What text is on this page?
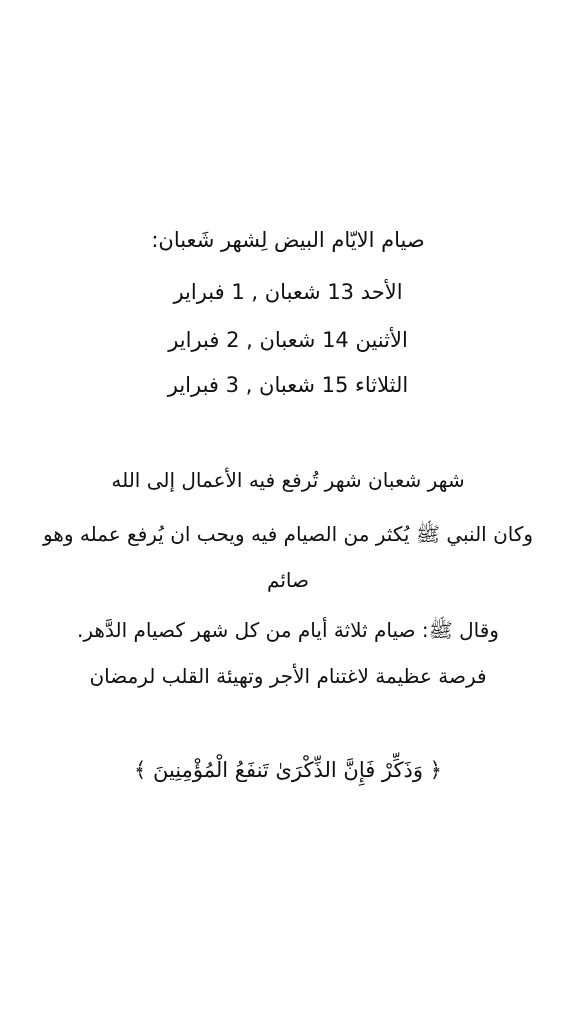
صيام الايّام البيض لِشهر شَعبان:
الأحد 13 شعبان , 1 فبراير
الأثنين 14 شعبان , 2 فبراير
الثلاثاء 15 شعبان , 3 فبراير
شهر شعبان شهر تُرفع فيه الأعمال إلى الله
وكان النبي ﷺ يُكثر من الصيام فيه ويحب ان يُرفع عمله وهو
صائم
وقال ﷺ: صيام ثلاثة أيام من كل شهر كصيام الدَّهر.
فرصة عظيمة لاغتنام الأجر وتهيئة القلب لرمضان
﴿ وَذَكِّرْ فَإِنَّ الذِّكْرَىٰ تَنفَعُ الْمُؤْمِنِينَ ﴾
